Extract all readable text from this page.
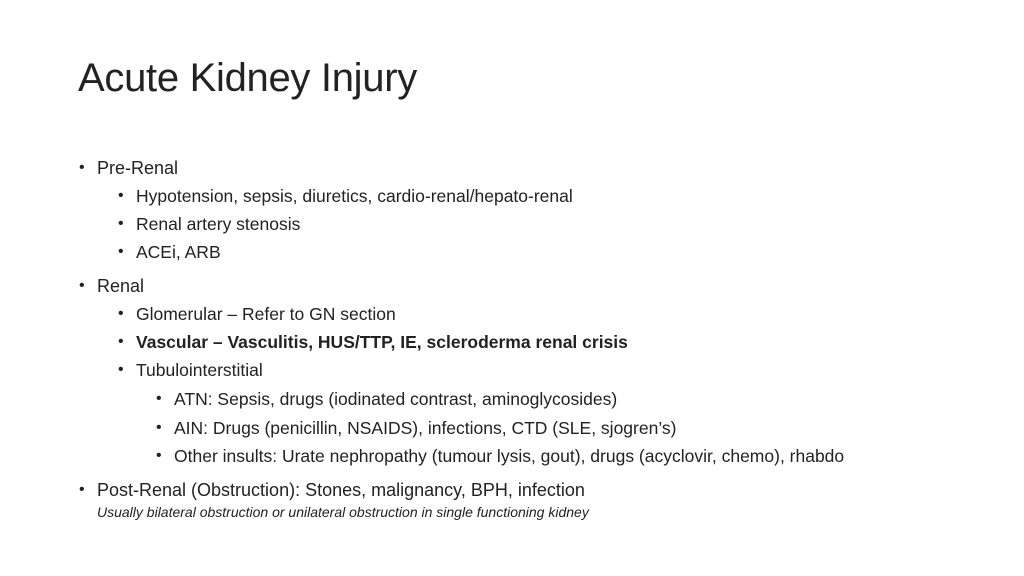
Acute Kidney Injury
• Pre-Renal
• Hypotension, sepsis, diuretics, cardio-renal/hepato-renal
• Renal artery stenosis
• ACEi, ARB
• Renal
• Glomerular – Refer to GN section
• Vascular – Vasculitis, HUS/TTP, IE, scleroderma renal crisis
• Tubulointerstitial
• ATN: Sepsis, drugs (iodinated contrast, aminoglycosides)
• AIN: Drugs (penicillin, NSAIDS), infections, CTD (SLE, sjogren’s)
• Other insults: Urate nephropathy (tumour lysis, gout), drugs (acyclovir, chemo), rhabdo
• Post-Renal (Obstruction): Stones, malignancy, BPH, infection
Usually bilateral obstruction or unilateral obstruction in single functioning kidney
